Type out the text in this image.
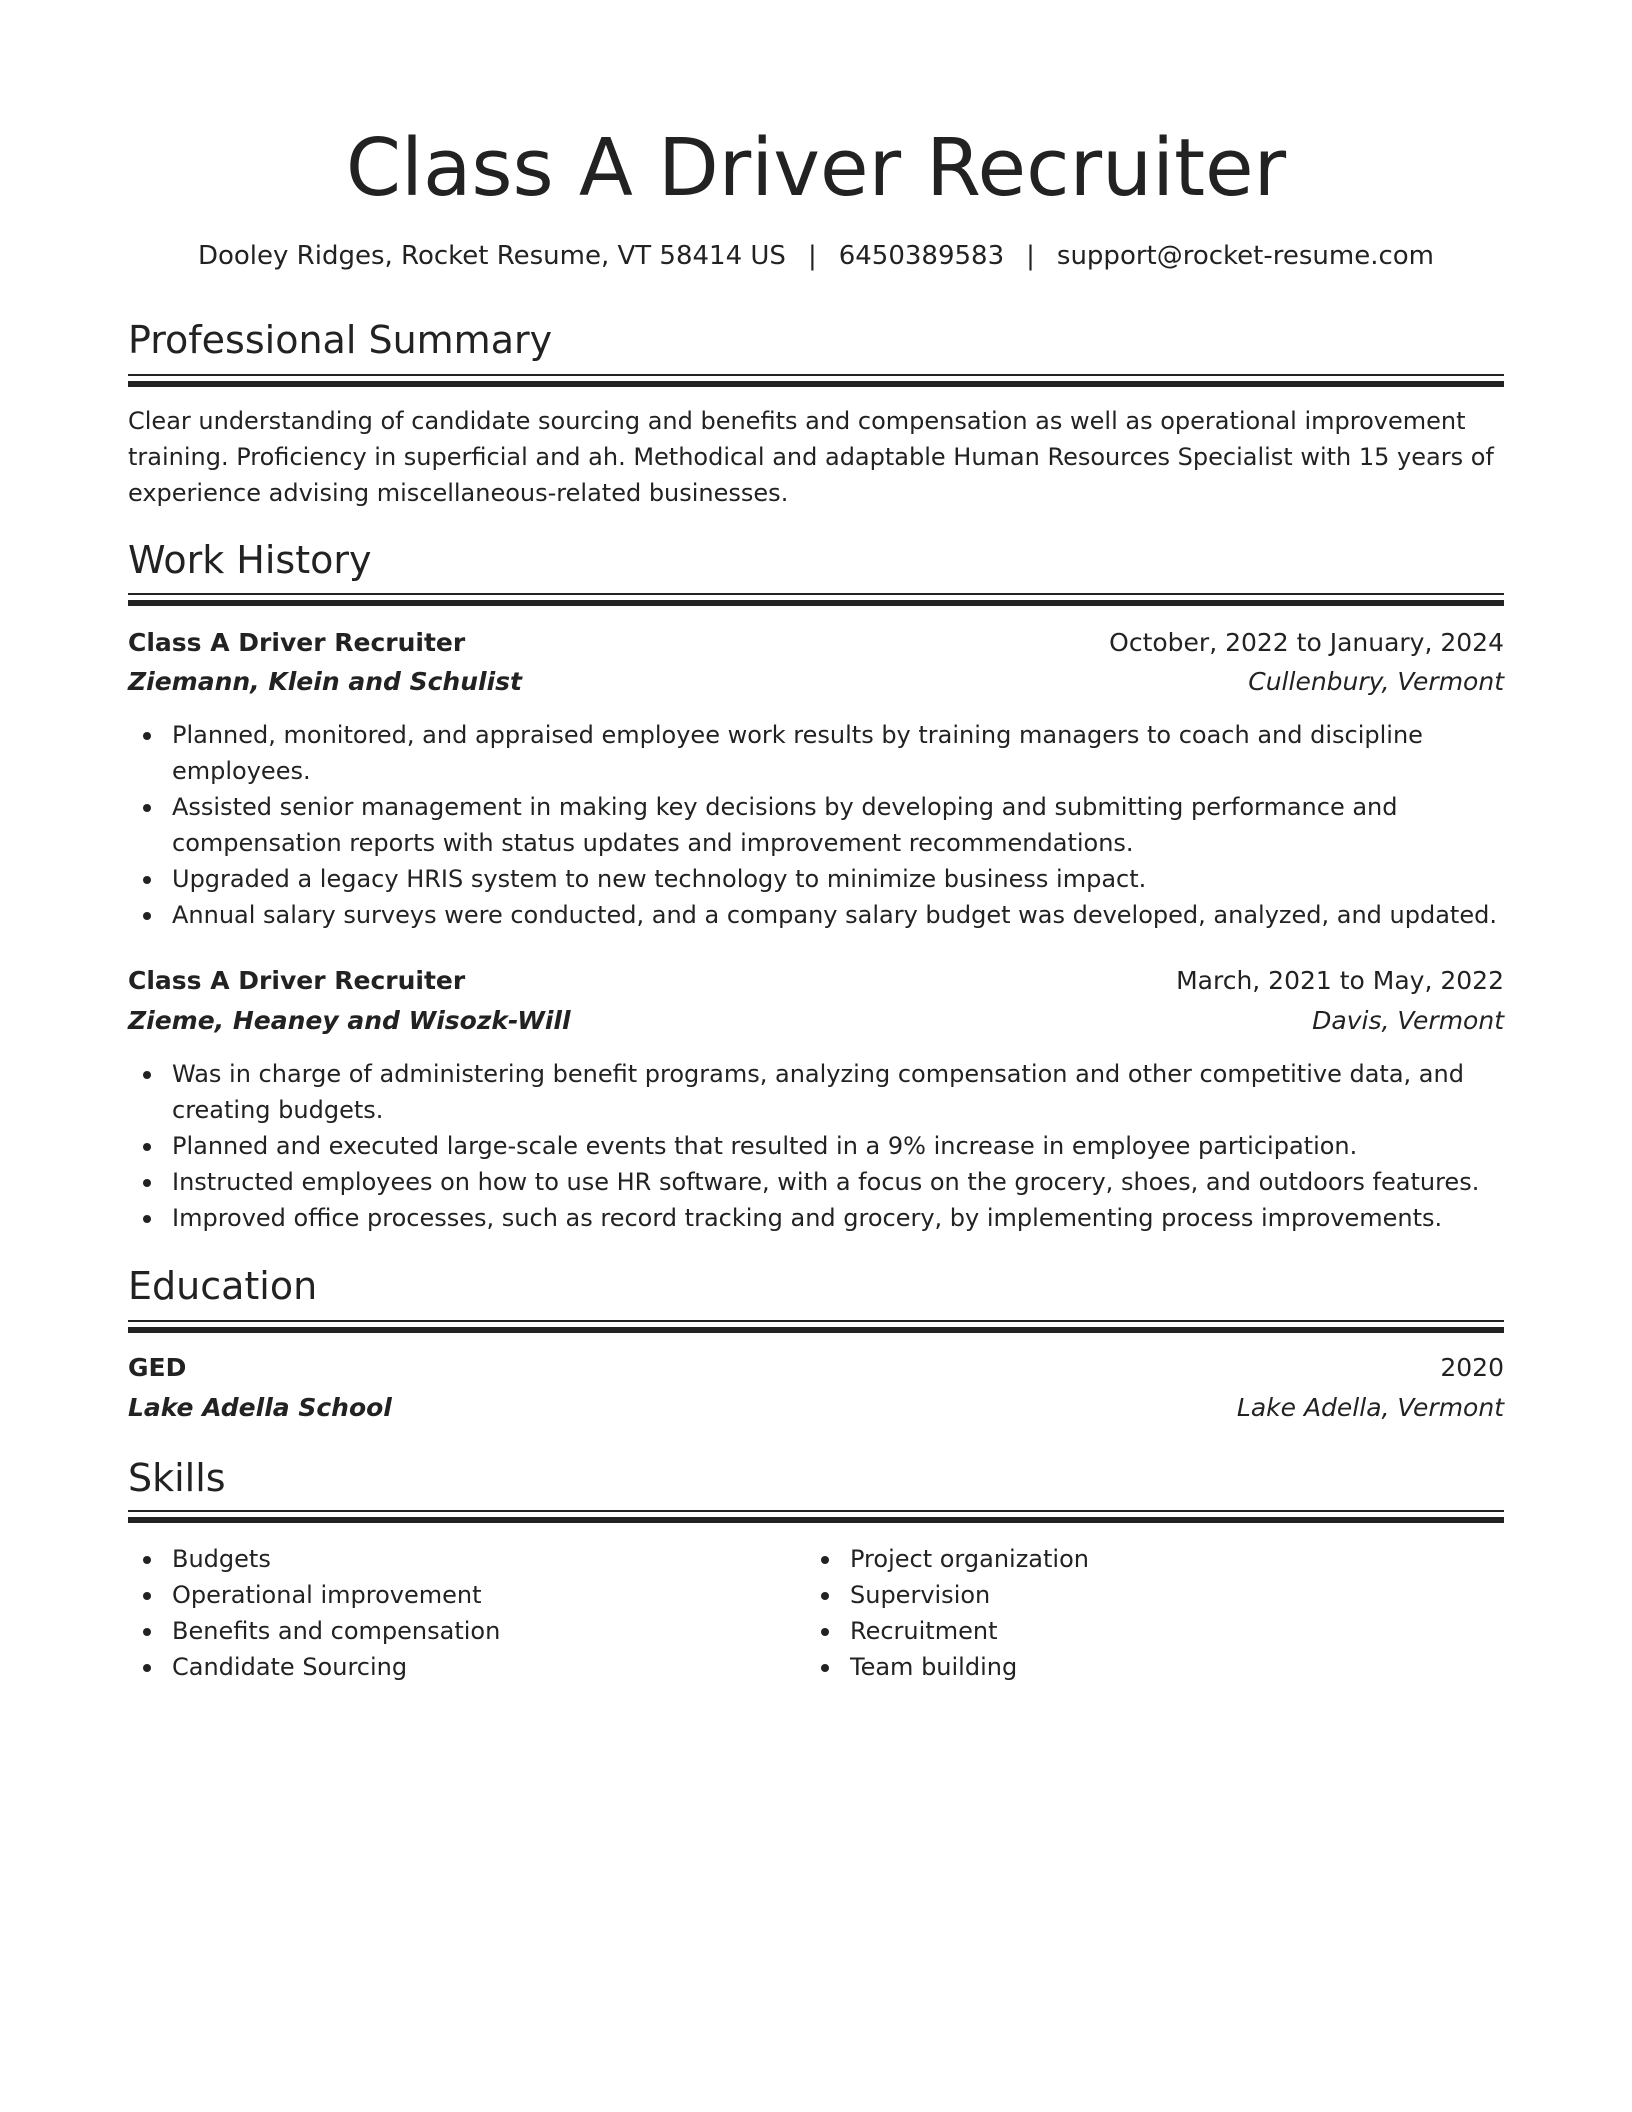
Class A Driver Recruiter
Dooley Ridges, Rocket Resume, VT 58414 US | 6450389583 | support@rocket-resume.com
Professional Summary

Clear understanding of candidate sourcing and benefits and compensation as well as operational improvement training. Proficiency in superficial and ah. Methodical and adaptable Human Resources Specialist with 15 years of experience advising miscellaneous-related businesses.

Work History
Class A Driver Recruiter	October, 2022 to January, 2024
Ziemann, Klein and Schulist	Cullenbury, Vermont
Planned, monitored, and appraised employee work results by training managers to coach and discipline employees.
Assisted senior management in making key decisions by developing and submitting performance and compensation reports with status updates and improvement recommendations.
Upgraded a legacy HRIS system to new technology to minimize business impact.
Annual salary surveys were conducted, and a company salary budget was developed, analyzed, and updated.
Class A Driver Recruiter	March, 2021 to May, 2022
Zieme, Heaney and Wisozk-Will	Davis, Vermont
Was in charge of administering benefit programs, analyzing compensation and other competitive data, and creating budgets.
Planned and executed large-scale events that resulted in a 9% increase in employee participation.
Instructed employees on how to use HR software, with a focus on the grocery, shoes, and outdoors features.
Improved office processes, such as record tracking and grocery, by implementing process improvements.
Education
GED	2020
Lake Adella School	Lake Adella, Vermont
Skills
Budgets
Operational improvement
Benefits and compensation
Candidate Sourcing
Project organization
Supervision
Recruitment
Team building
